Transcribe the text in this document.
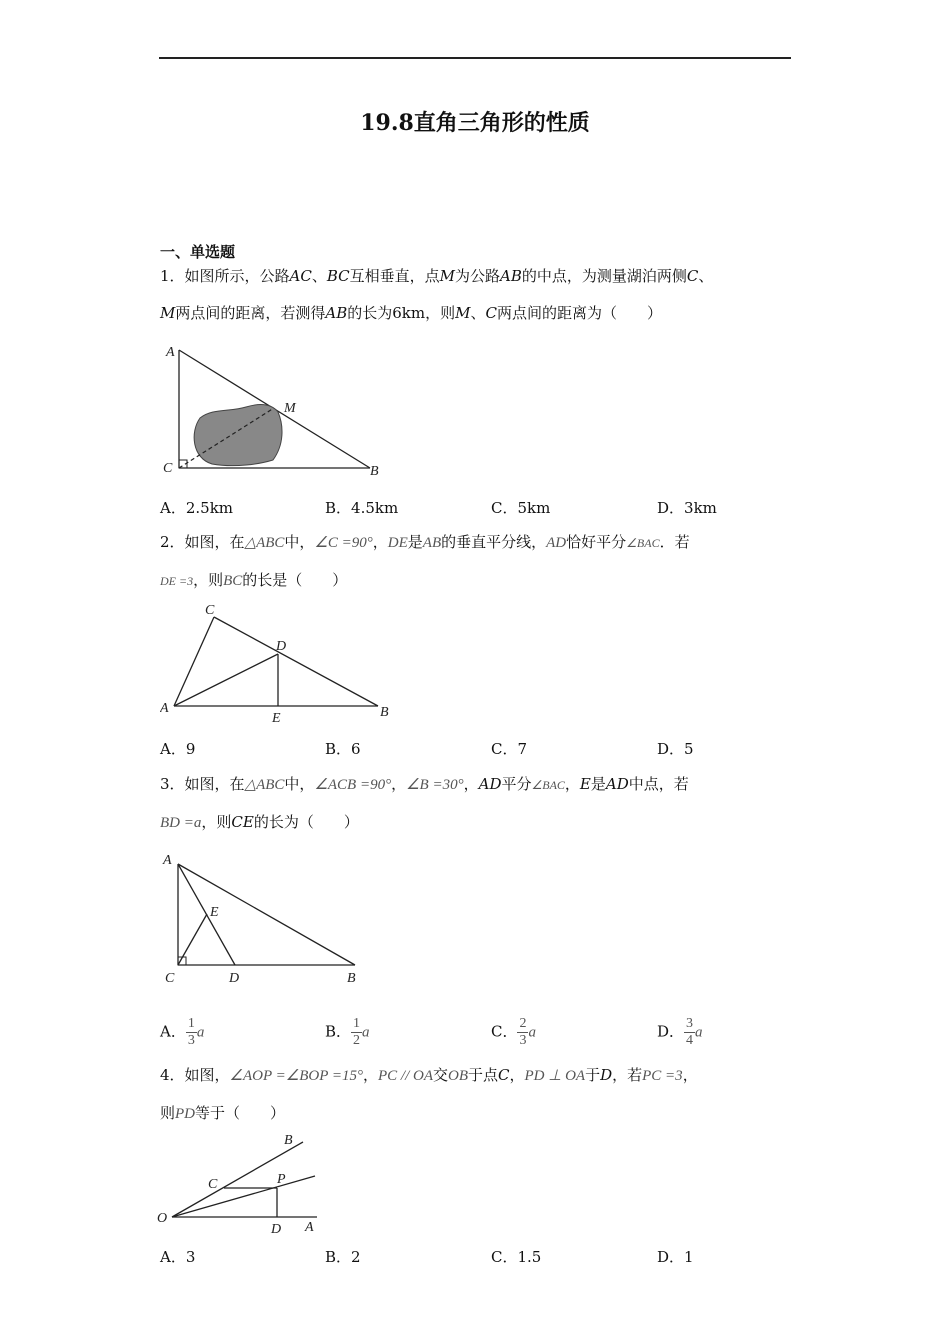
19.8直角三角形的性质
一、单选题
1．如图所示，公路AC、BC互相垂直，点M为公路AB的中点，为测量湖泊两侧C、
M两点间的距离，若测得AB的长为6km，则M、C两点间的距离为（　　）
A
M
C	B
A．2.5km	B．4.5km	C．5km	D．3km
2．如图，在△ABC中，∠C =90°，DE是AB的垂直平分线，AD恰好平分∠BAC．若
DE =3，则BC的长是（　　）
C
D
A
E	B
A．9	B．6	C．7	D．5
3．如图，在△ABC中，∠ACB =90°，∠B =30°，AD平分∠BAC，E是AD中点，若
BD =a，则CE的长为（　　）
A
E
C	D	B
A． $\frac{1}{3}$ a	B． $\frac{1}{2}$ a	C． $\frac{2}{3}$ a	D． $\frac{3}{4}$ a
4．如图，∠AOP =∠BOP =15°，PC // OA交OB于点C，PD ⊥ OA于D，若PC =3，
则PD等于（　　）
B
C	P
O
D A
A．3	B．2	C．1.5	D．1
